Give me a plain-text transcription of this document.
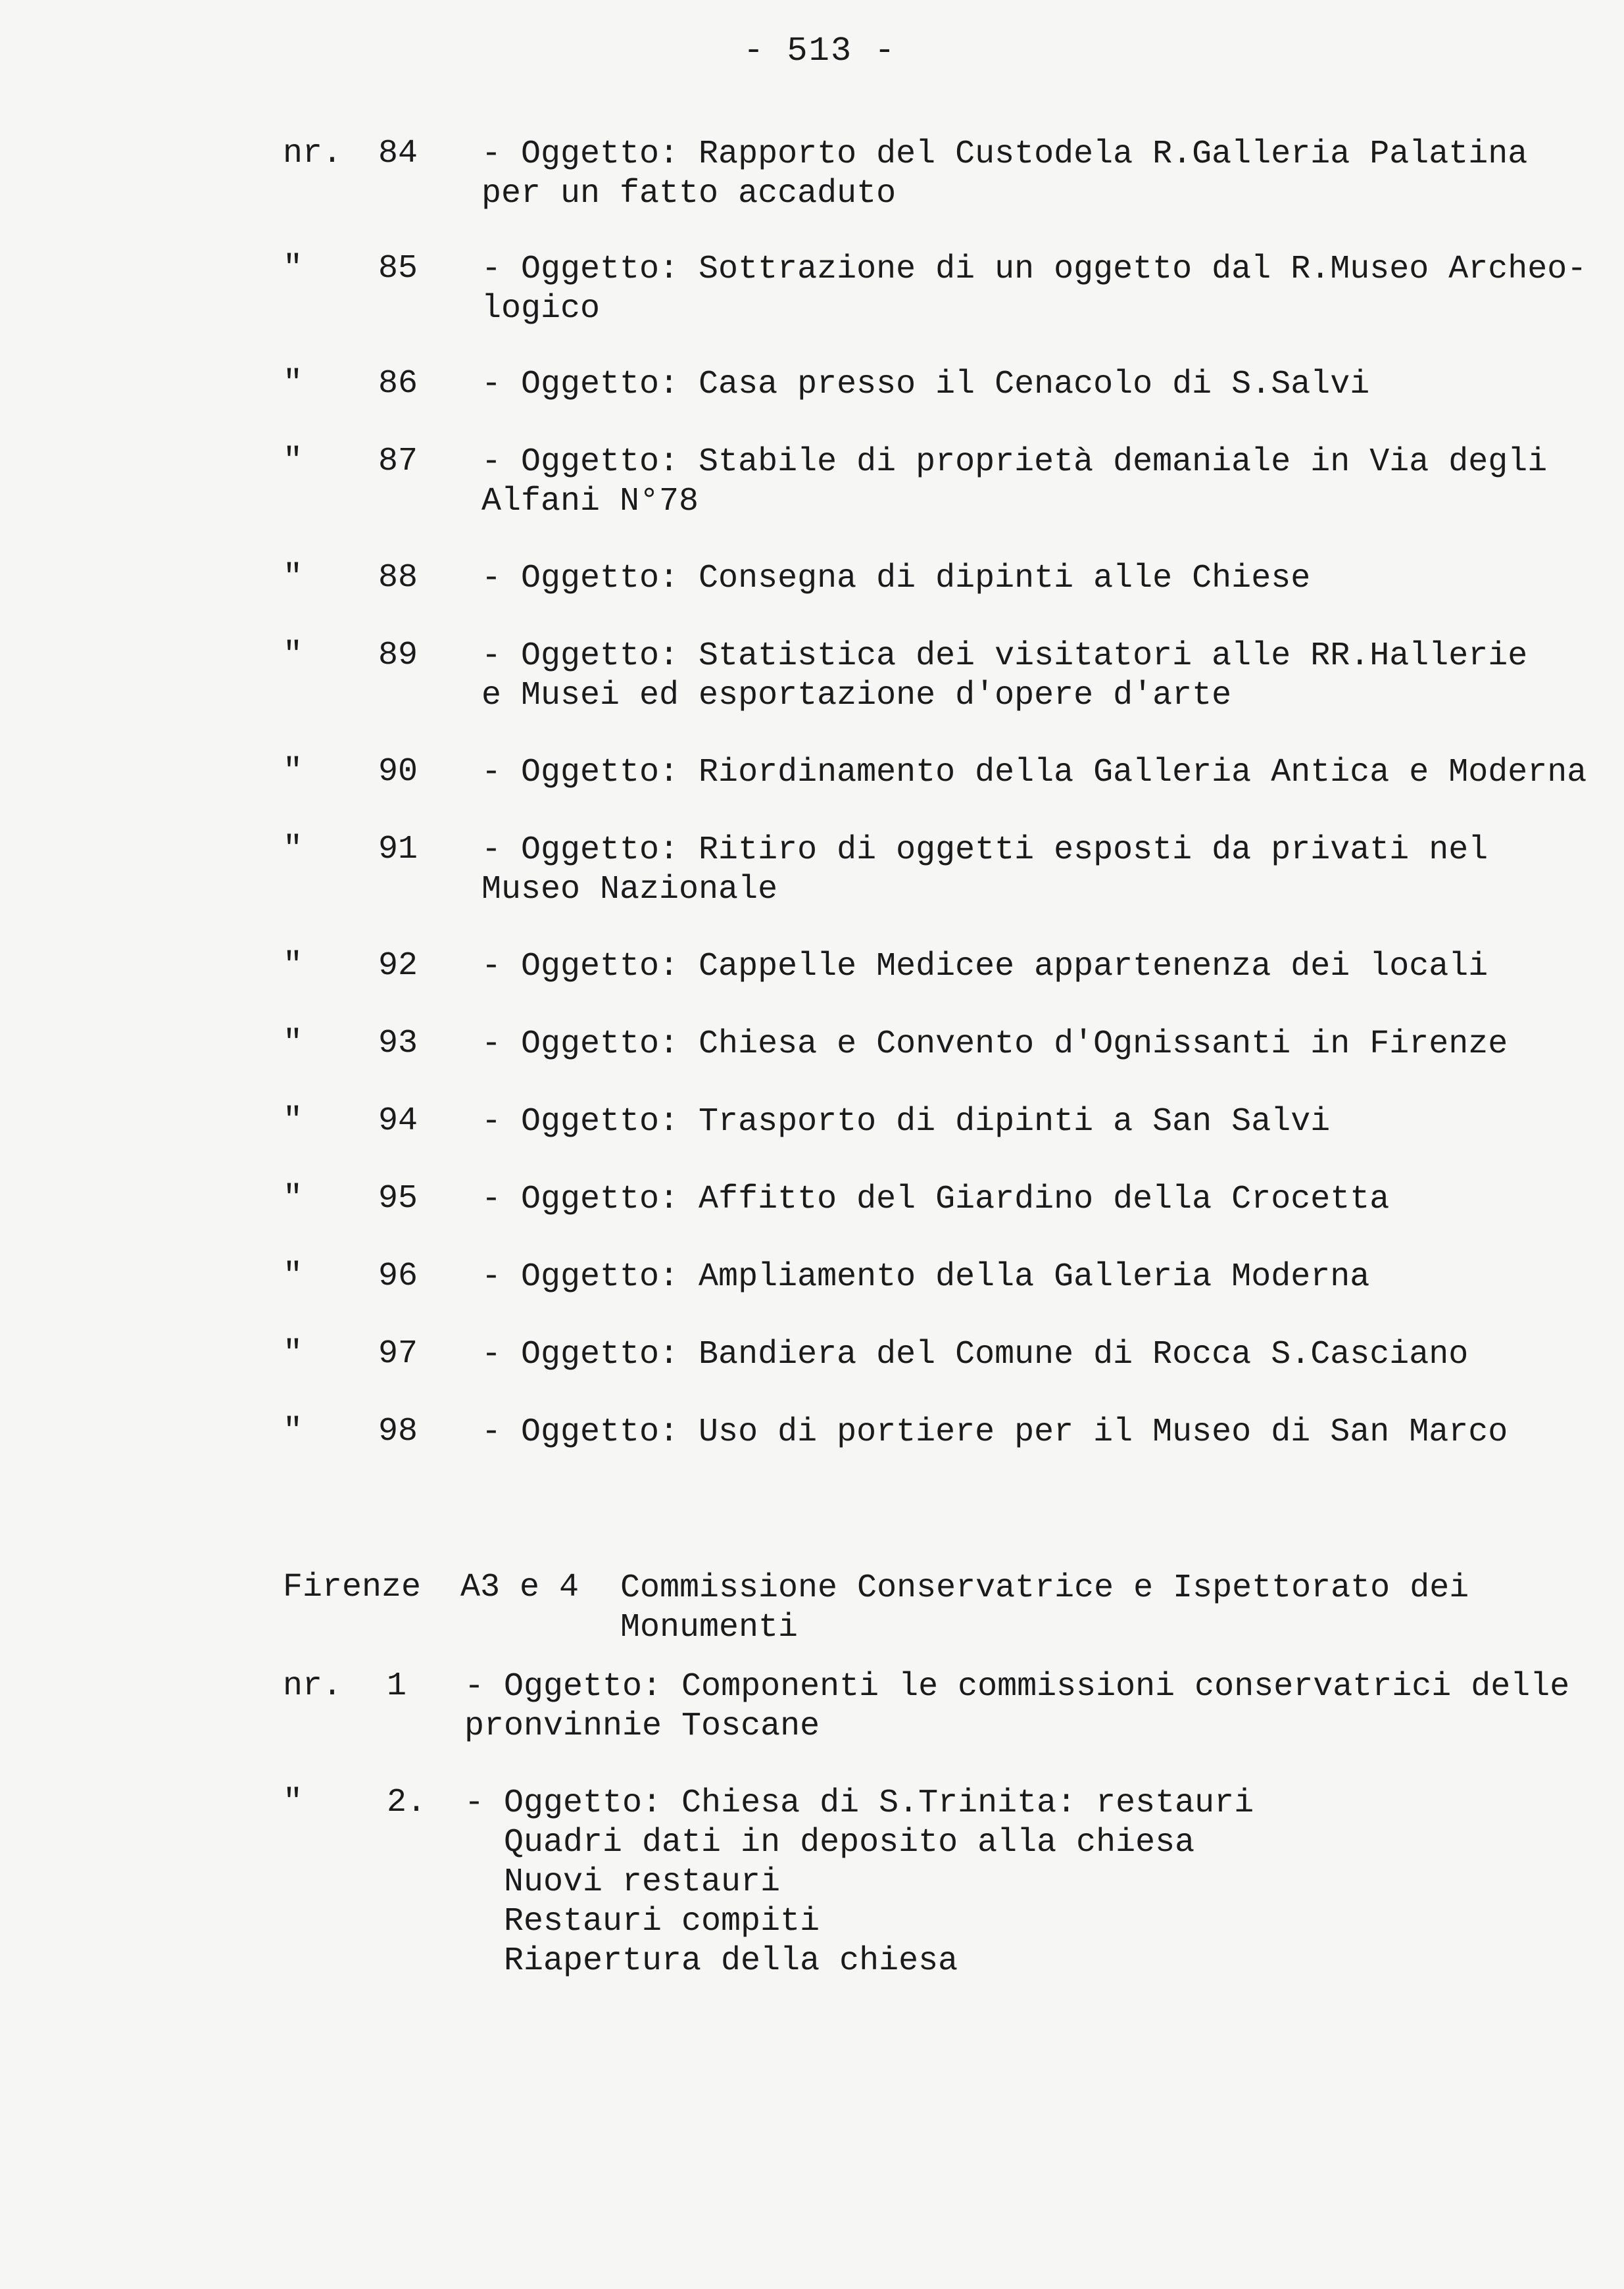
- 513 -
nr. 84 - Oggetto: Rapporto del Custodela R.Galleria Palatina
per un fatto accaduto
" 85 - Oggetto: Sottrazione di un oggetto dal R.Museo Archeo-
logico
" 86 - Oggetto: Casa presso il Cenacolo di S.Salvi
" 87 - Oggetto: Stabile di proprietà demaniale in Via degli
Alfani N°78
" 88 - Oggetto: Consegna di dipinti alle Chiese
" 89 - Oggetto: Statistica dei visitatori alle RR.Hallerie
e Musei ed esportazione d'opere d'arte
" 90 - Oggetto: Riordinamento della Galleria Antica e Moderna
" 91 - Oggetto: Ritiro di oggetti esposti da privati nel
Museo Nazionale
" 92 - Oggetto: Cappelle Medicee appartenenza dei locali
" 93 - Oggetto: Chiesa e Convento d'Ognissanti in Firenze
" 94 - Oggetto: Trasporto di dipinti a San Salvi
" 95 - Oggetto: Affitto del Giardino della Crocetta
" 96 - Oggetto: Ampliamento della Galleria Moderna
" 97 - Oggetto: Bandiera del Comune di Rocca S.Casciano
" 98 - Oggetto: Uso di portiere per il Museo di San Marco
Firenze A3 e 4 Commissione Conservatrice e Ispettorato dei
Monumenti
nr. 1 - Oggetto: Componenti le commissioni conservatrici delle
pronvinnie Toscane
"	2. - Oggetto: Chiesa di S.Trinita: restauri
Quadri dati in deposito alla chiesa
Nuovi restauri
Restauri compiti
Riapertura della chiesa
